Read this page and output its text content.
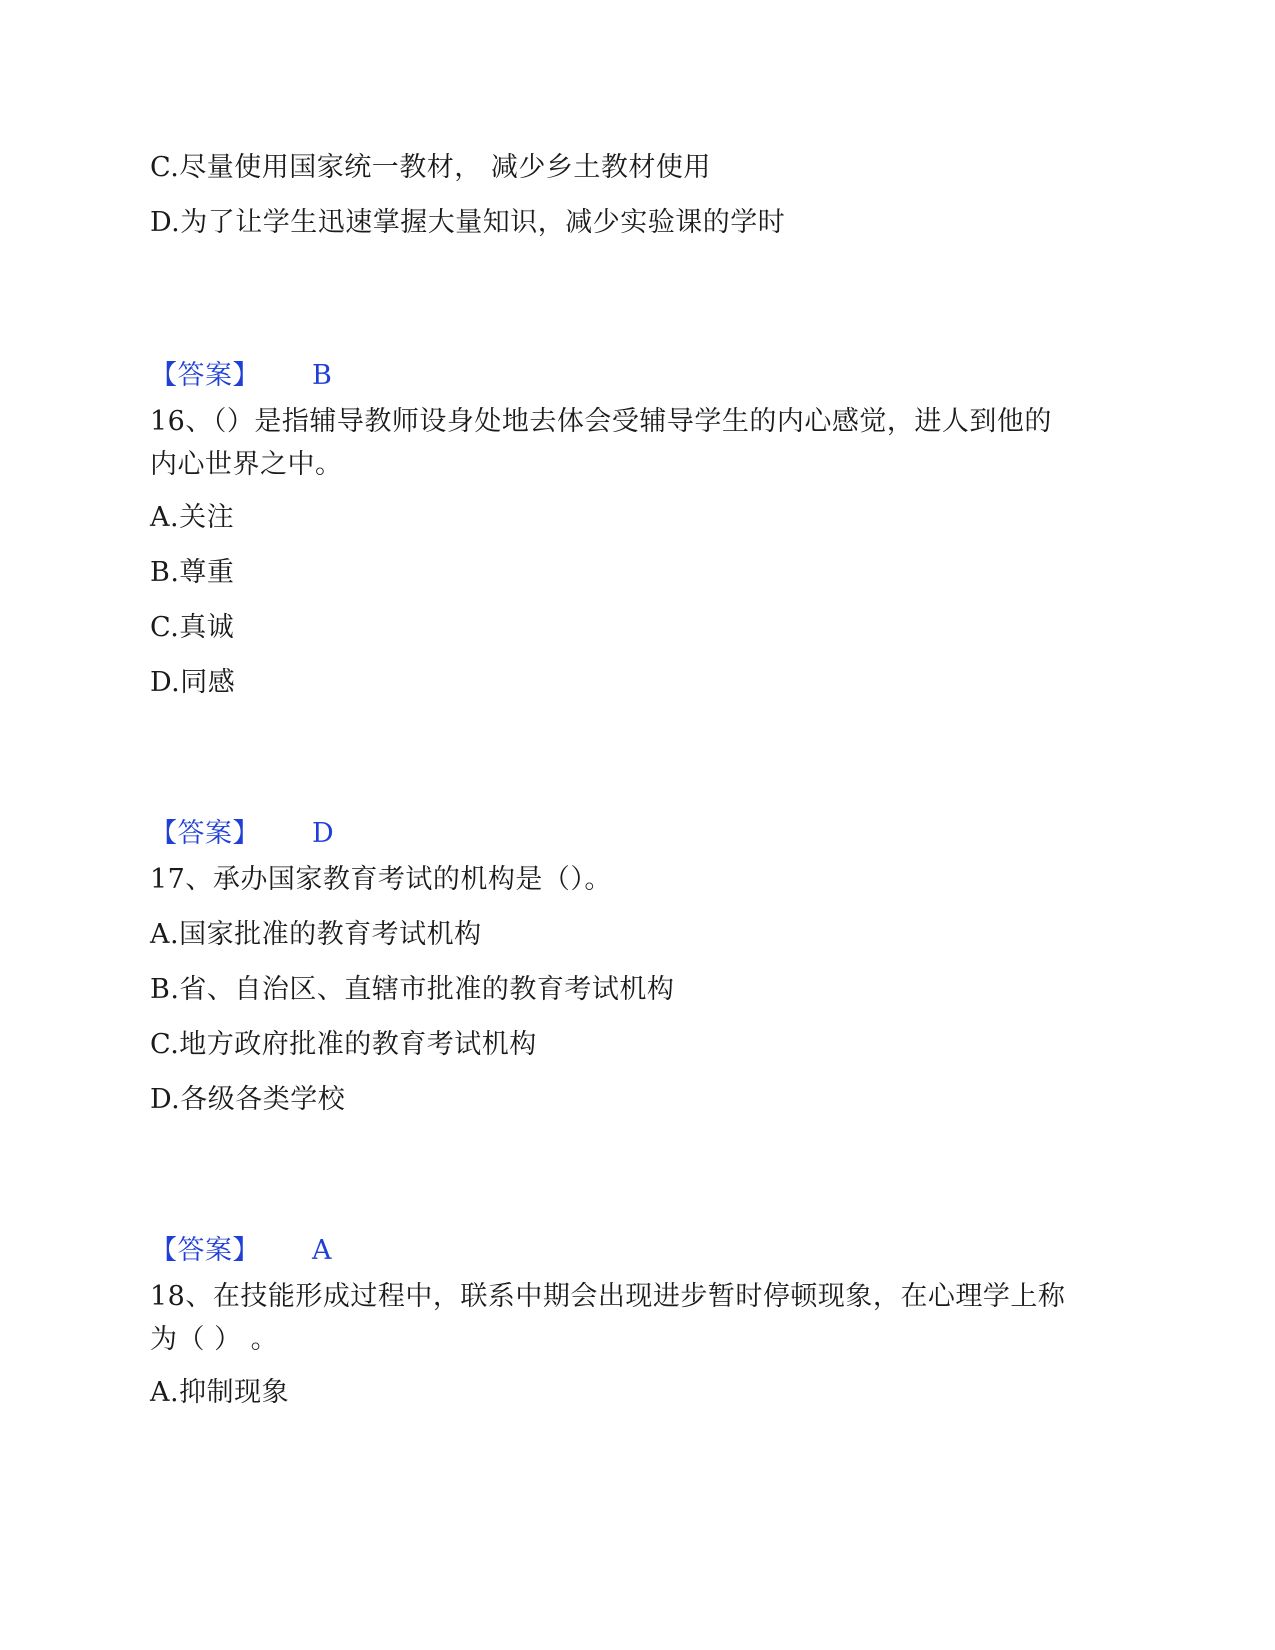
C.尽量使用国家统一教材， 减少乡土教材使用
D.为了让学生迅速掌握大量知识，减少实验课的学时
【答案】 B
16、（）是指辅导教师设身处地去体会受辅导学生的内心感觉，进人到他的
内心世界之中。
A.关注
B.尊重
C.真诚
D.同感
【答案】 D
17、承办国家教育考试的机构是（）。
A.国家批准的教育考试机构
B.省、自治区、直辖市批准的教育考试机构
C.地方政府批准的教育考试机构
D.各级各类学校
【答案】 A
18、在技能形成过程中，联系中期会出现进步暂时停顿现象，在心理学上称
为（ ） 。
A.抑制现象
